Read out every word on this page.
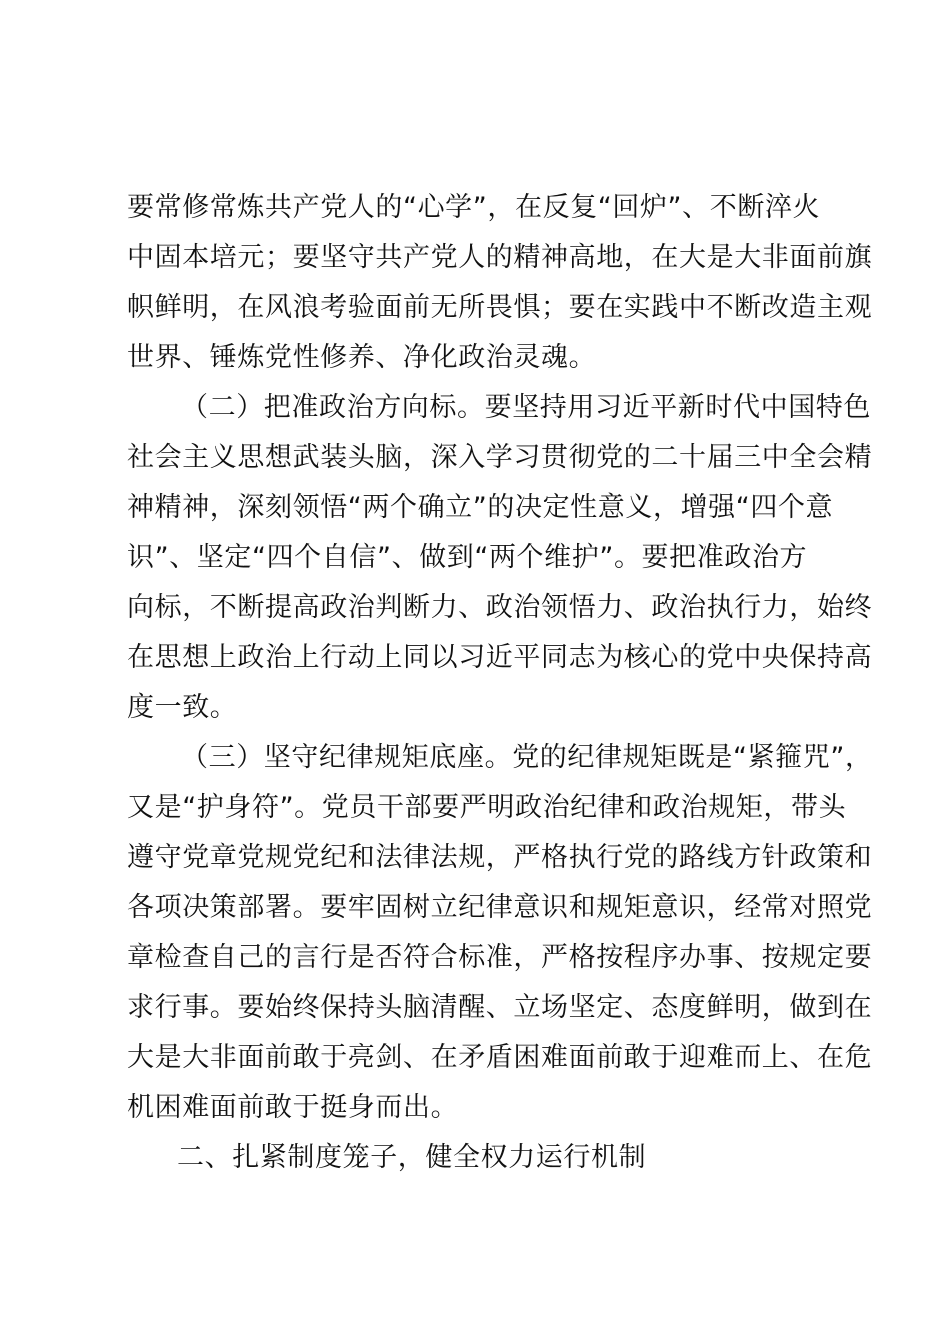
要常修常炼共产党人的“心学”，在反复“回炉”、不断淬火
中固本培元；要坚守共产党人的精神高地，在大是大非面前旗
帜鲜明，在风浪考验面前无所畏惧；要在实践中不断改造主观
世界、锤炼党性修养、净化政治灵魂。
（二）把准政治方向标。要坚持用习近平新时代中国特色
社会主义思想武装头脑，深入学习贯彻党的二十届三中全会精
神精神，深刻领悟“两个确立”的决定性意义，增强“四个意
识”、坚定“四个自信”、做到“两个维护”。要把准政治方
向标，不断提高政治判断力、政治领悟力、政治执行力，始终
在思想上政治上行动上同以习近平同志为核心的党中央保持高
度一致。
（三）坚守纪律规矩底座。党的纪律规矩既是“紧箍咒”，
又是“护身符”。党员干部要严明政治纪律和政治规矩，带头
遵守党章党规党纪和法律法规，严格执行党的路线方针政策和
各项决策部署。要牢固树立纪律意识和规矩意识，经常对照党
章检查自己的言行是否符合标准，严格按程序办事、按规定要
求行事。要始终保持头脑清醒、立场坚定、态度鲜明，做到在
大是大非面前敢于亮剑、在矛盾困难面前敢于迎难而上、在危
机困难面前敢于挺身而出。
二、扎紧制度笼子，健全权力运行机制
